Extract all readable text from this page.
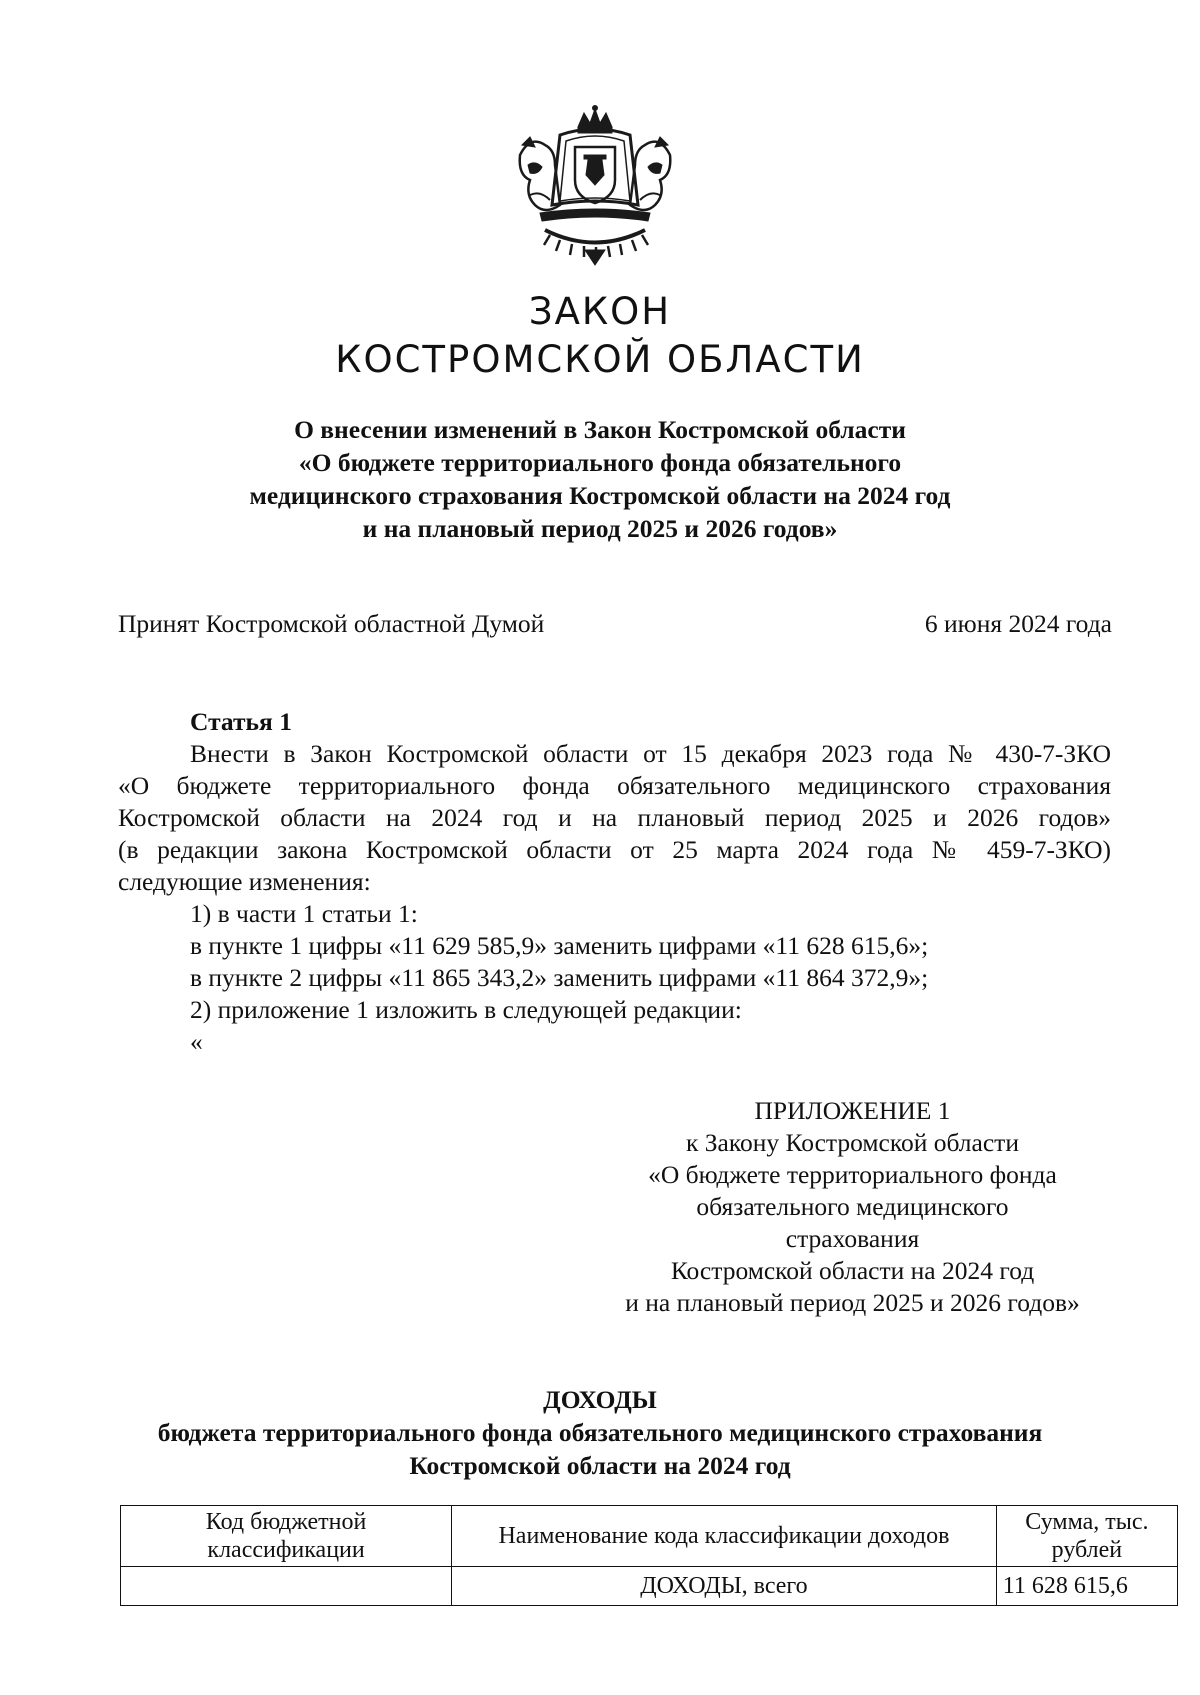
ЗАКОН
КОСТРОМСКОЙ ОБЛАСТИ
О внесении изменений в Закон Костромской области
«О бюджете территориального фонда обязательного
медицинского страхования Костромской области на 2024 год
и на плановый период 2025 и 2026 годов»
Принят Костромской областной Думой	6 июня 2024 года
Статья 1
Внести в Закон Костромской области от 15 декабря 2023 года № 430-7-ЗКО
«О бюджете территориального фонда обязательного медицинского страхования
Костромской области на 2024 год и на плановый период 2025 и 2026 годов»
(в редакции закона Костромской области от 25 марта 2024 года № 459-7-ЗКО)
следующие изменения:
1) в части 1 статьи 1:
в пункте 1 цифры «11 629 585,9» заменить цифрами «11 628 615,6»;
в пункте 2 цифры «11 865 343,2» заменить цифрами «11 864 372,9»;
2) приложение 1 изложить в следующей редакции:
«
ПРИЛОЖЕНИЕ 1
к Закону Костромской области
«О бюджете территориального фонда
обязательного медицинского
страхования
Костромской области на 2024 год
и на плановый период 2025 и 2026 годов»
ДОХОДЫ
бюджета территориального фонда обязательного медицинского страхования
Костромской области на 2024 год
Код бюджетной классификации	Наименование кода классификации доходов	Сумма, тыс. рублей
	ДОХОДЫ, всего	11 628 615,6
